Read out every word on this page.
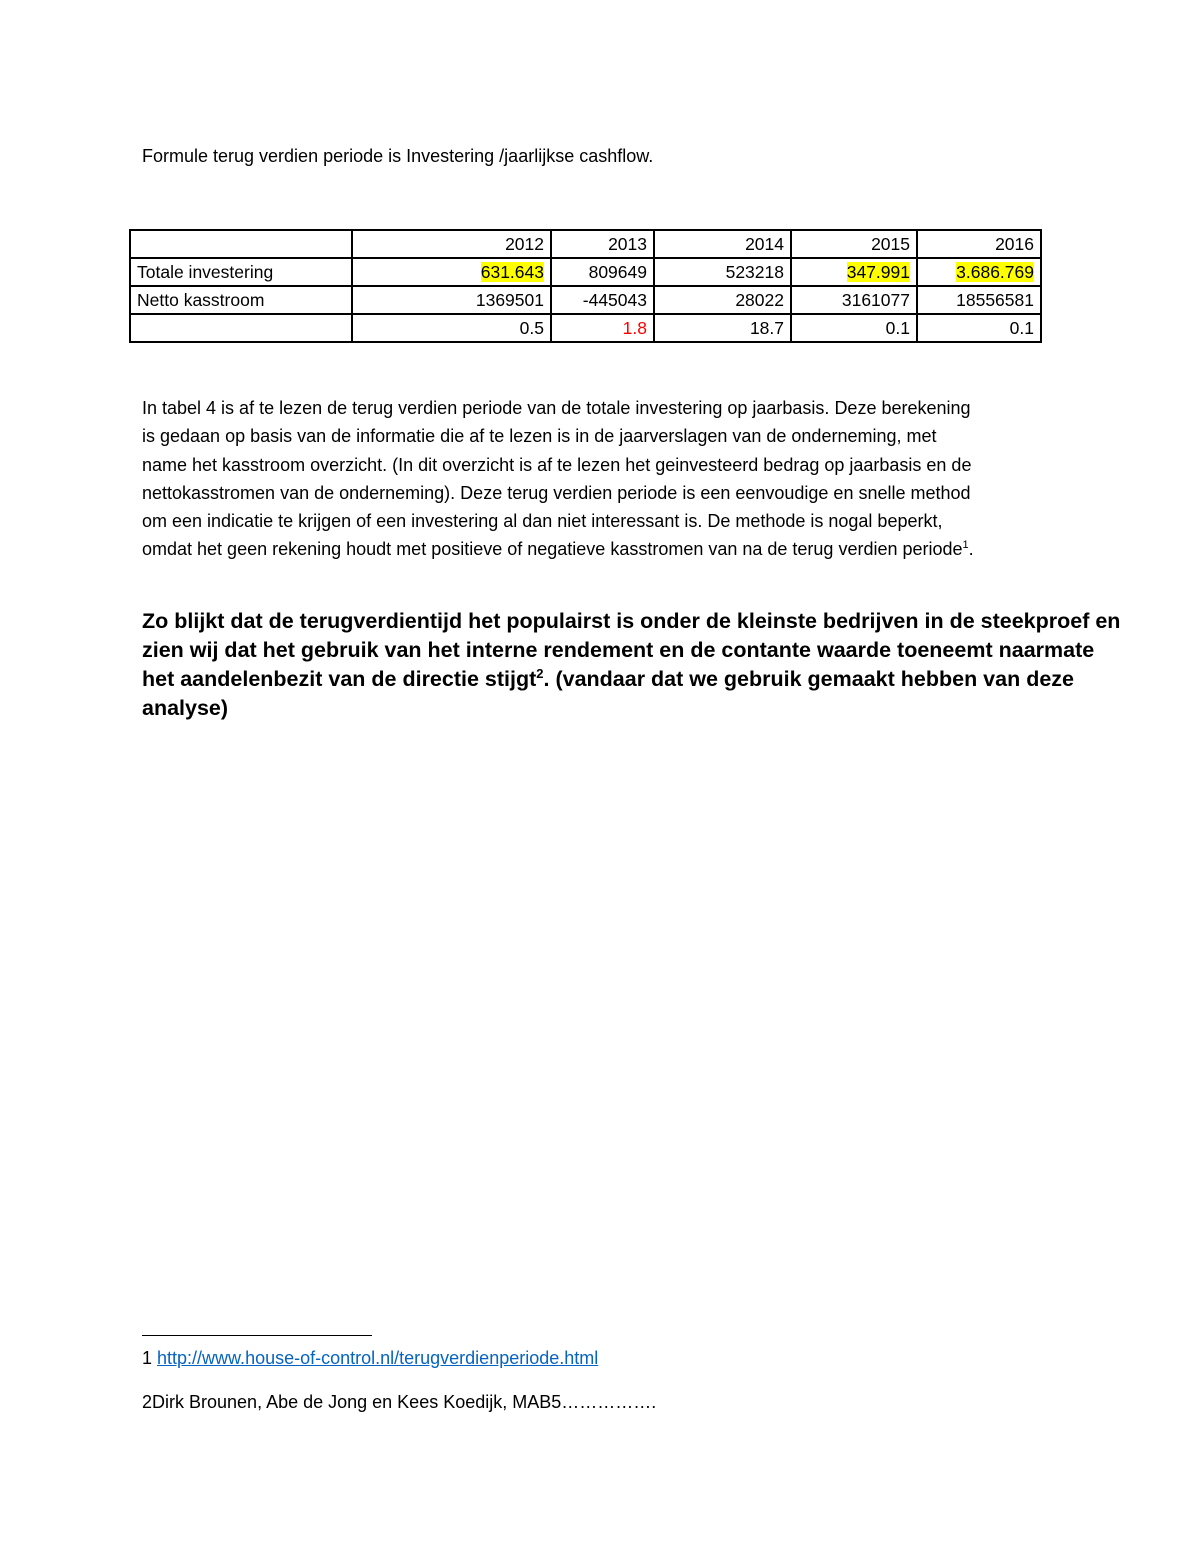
Formule terug verdien periode is Investering /jaarlijkse cashflow.
	2012	2013	2014	2015	2016
Totale investering	631.643	809649	523218	347.991	3.686.769
Netto kasstroom	1369501	-445043	28022	3161077	18556581
	0.5	1.8	18.7	0.1	0.1

In tabel 4 is af te lezen de terug verdien periode van de totale investering op jaarbasis. Deze berekening

is gedaan op basis van de informatie die af te lezen is in de jaarverslagen van de onderneming, met

name het kasstroom overzicht. (In dit overzicht is af te lezen het geinvesteerd bedrag op jaarbasis en de

nettokasstromen van de onderneming). Deze terug verdien periode is een eenvoudige en snelle method

om een indicatie te krijgen of een investering al dan niet interessant is. De methode is nogal beperkt,

omdat het geen rekening houdt met positieve of negatieve kasstromen van na de terug verdien periode$^1$.

Zo blijkt dat de terugverdientijd het populairst is onder de kleinste bedrijven in de steekproef en

zien wij dat het gebruik van het interne rendement en de contante waarde toeneemt naarmate

het aandelenbezit van de directie stijgt$^2$. (vandaar dat we gebruik gemaakt hebben van deze

analyse)

1 http://www.house-of-control.nl/terugverdienperiode.html
2Dirk Brounen, Abe de Jong en Kees Koedijk, MAB5…………….
